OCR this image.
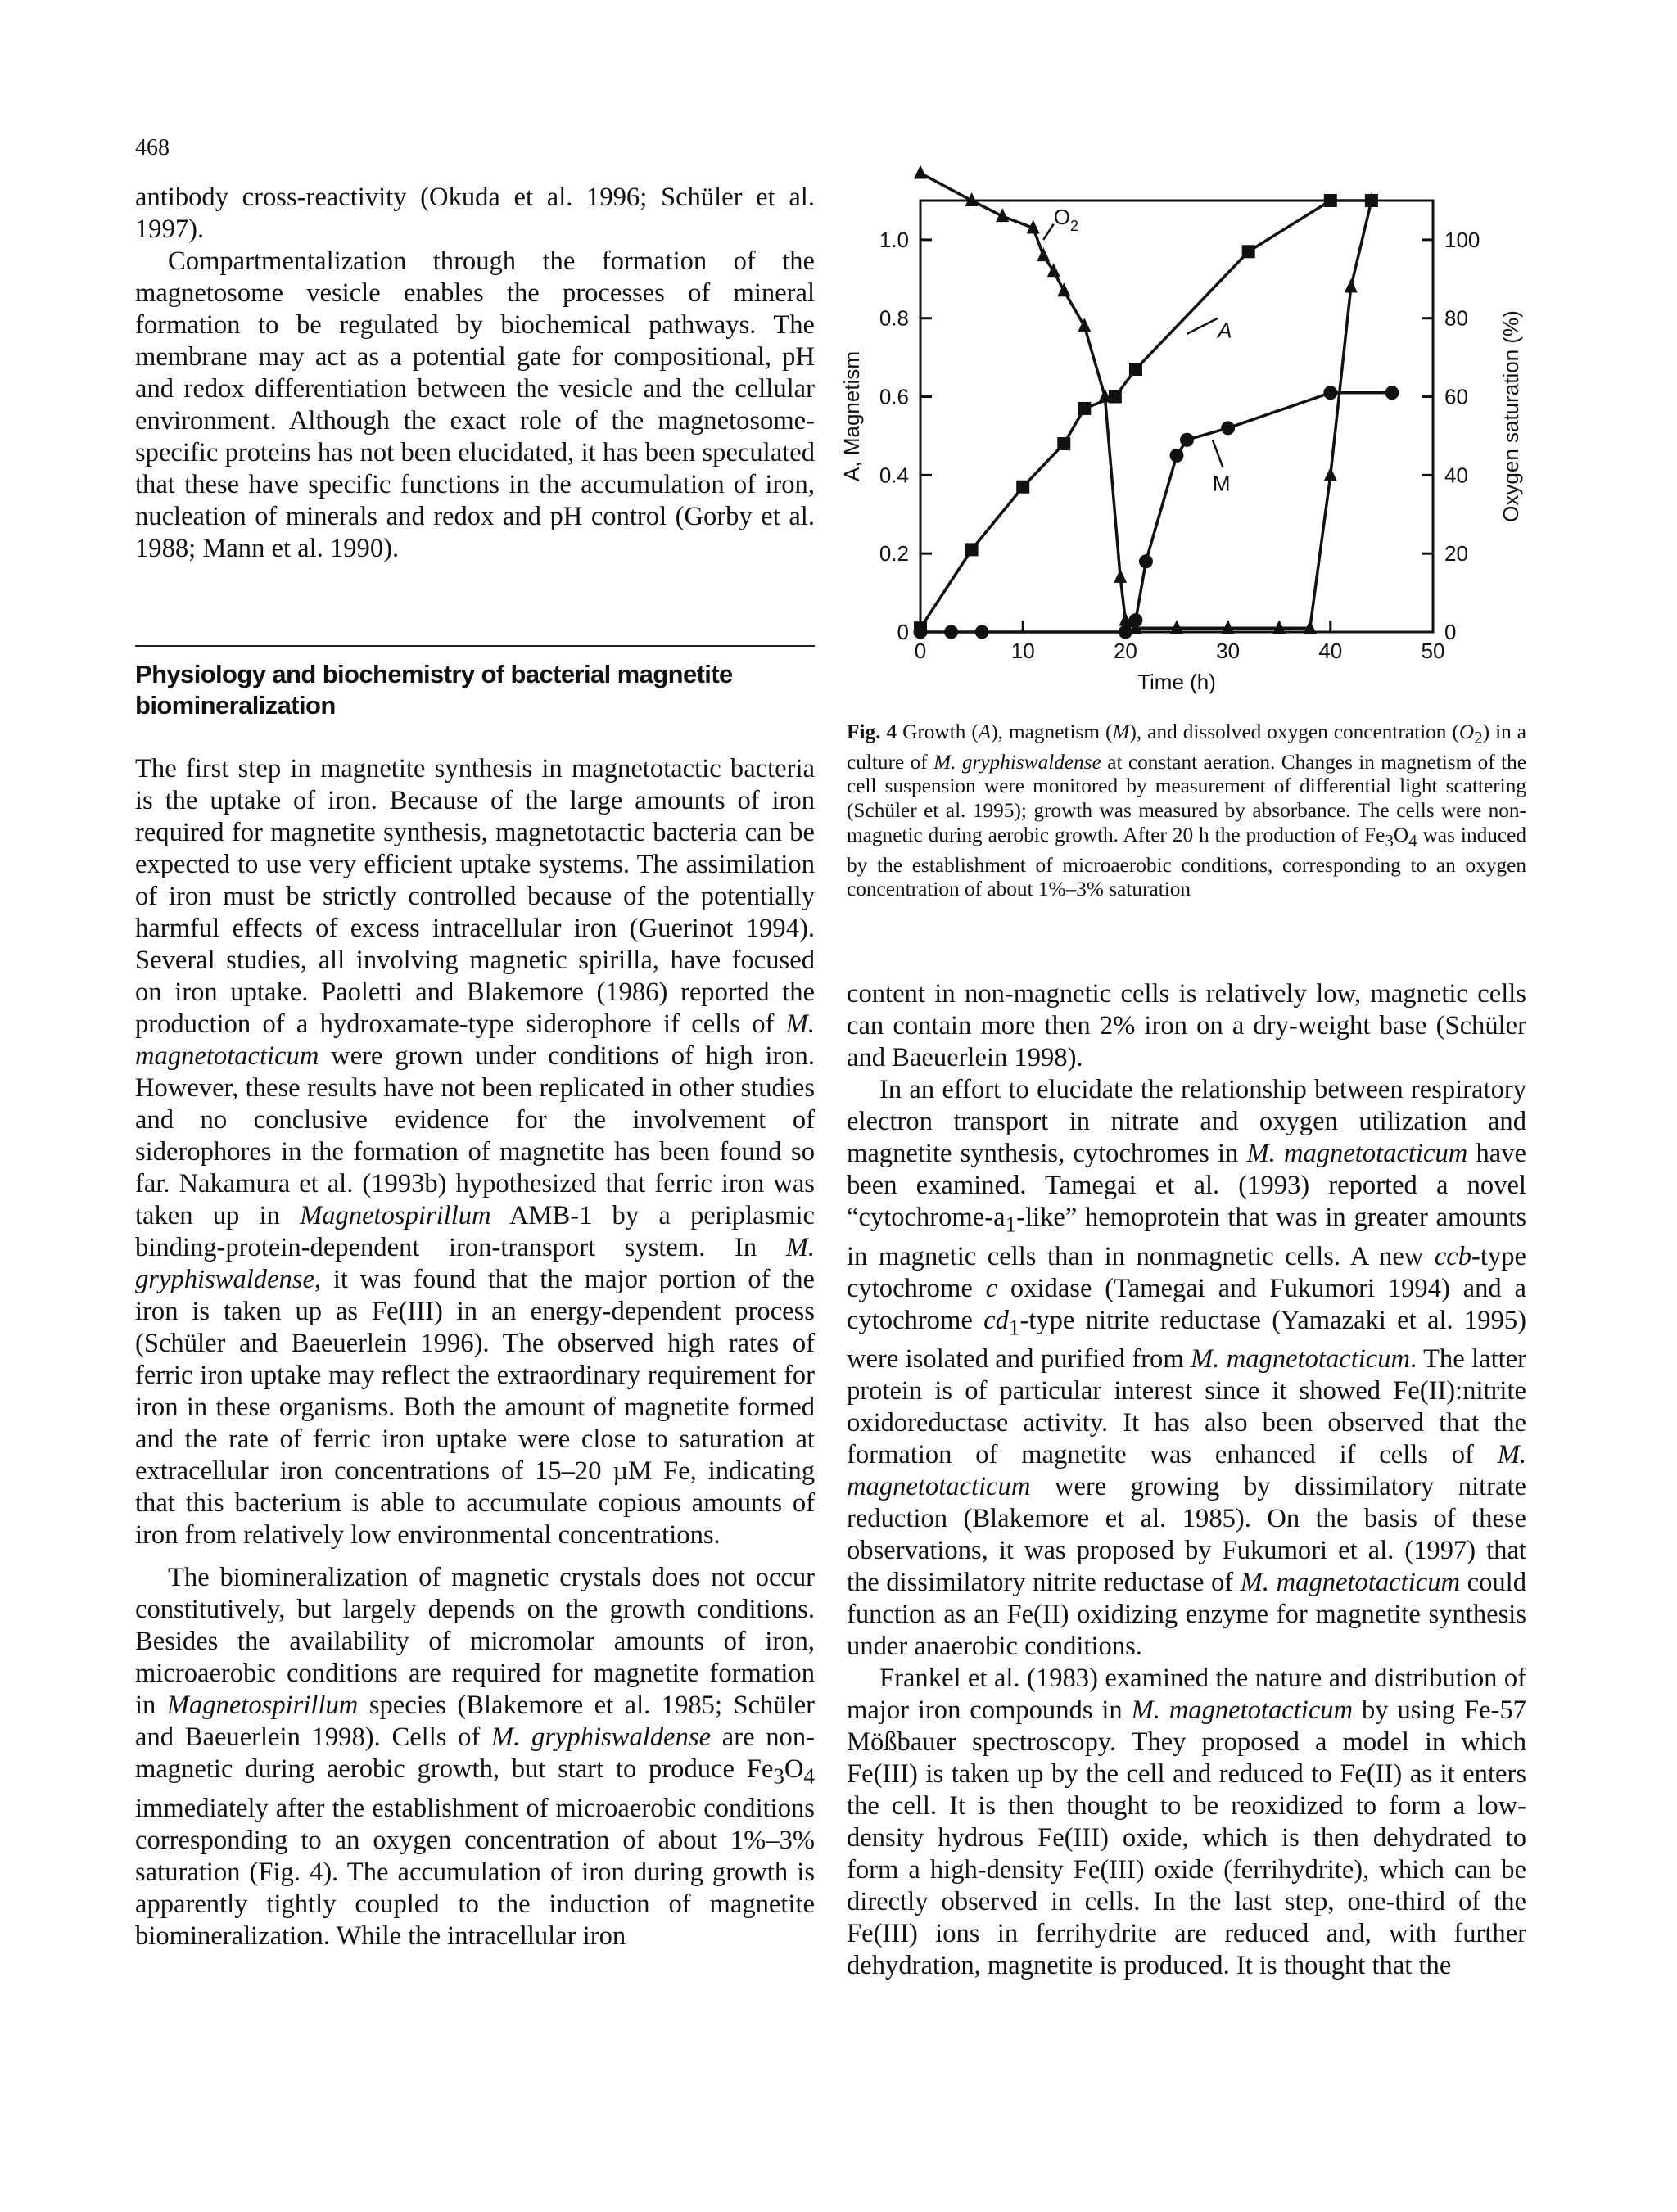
468

antibody cross-reactivity (Okuda et al. 1996; Schüler et al. 1997).

Compartmentalization through the formation of the magnetosome vesicle enables the processes of mineral formation to be regulated by biochemical pathways. The membrane may act as a potential gate for compositional, pH and redox differentiation between the vesicle and the cellular environment. Although the exact role of the magnetosome-specific proteins has not been elucidated, it has been speculated that these have specific functions in the accumulation of iron, nucleation of minerals and redox and pH control (Gorby et al. 1988; Mann et al. 1990).

Physiology and biochemistry of bacterial magnetite biomineralization

The first step in magnetite synthesis in magnetotactic bacteria is the uptake of iron. Because of the large amounts of iron required for magnetite synthesis, magnetotactic bacteria can be expected to use very efficient uptake systems. The assimilation of iron must be strictly controlled because of the potentially harmful effects of excess intracellular iron (Guerinot 1994). Several studies, all involving magnetic spirilla, have focused on iron uptake. Paoletti and Blakemore (1986) reported the production of a hydroxamate-type siderophore if cells of M. magnetotacticum were grown under conditions of high iron. However, these results have not been replicated in other studies and no conclusive evidence for the involvement of siderophores in the formation of magnetite has been found so far. Nakamura et al. (1993b) hypothesized that ferric iron was taken up in Magnetospirillum AMB-1 by a periplasmic binding-protein-dependent iron-transport system. In M. gryphiswaldense, it was found that the major portion of the iron is taken up as Fe(III) in an energy-dependent process (Schüler and Baeuerlein 1996). The observed high rates of ferric iron uptake may reflect the extraordinary requirement for iron in these organisms. Both the amount of magnetite formed and the rate of ferric iron uptake were close to saturation at extracellular iron concentrations of 15–20 µM Fe, indicating that this bacterium is able to accumulate copious amounts of iron from relatively low environmental concentrations.

The biomineralization of magnetic crystals does not occur constitutively, but largely depends on the growth conditions. Besides the availability of micromolar amounts of iron, microaerobic conditions are required for magnetite formation in Magnetospirillum species (Blakemore et al. 1985; Schüler and Baeuerlein 1998). Cells of M. gryphiswaldense are non-magnetic during aerobic growth, but start to produce $Fe_3O_4$ immediately after the establishment of microaerobic conditions corresponding to an oxygen concentration of about 1%–3% saturation (Fig. 4). The accumulation of iron during growth is apparently tightly coupled to the induction of magnetite biomineralization. While the intracellular iron

0	10	20	30	40	50
0
0.2
0.4
0.6
0.8
1.0
0
20
40
60
80
100
Time (h)
A, Magnetism	Oxygen saturation (%)
$O_2$
A
M
Fig. 4 Growth (A), magnetism (M), and dissolved oxygen concentration $(O_2)$ in a culture of M. gryphiswaldense at constant aeration. Changes in magnetism of the cell suspension were monitored by measurement of differential light scattering (Schüler et al. 1995); growth was measured by absorbance. The cells were non-magnetic during aerobic growth. After 20 h the production of $Fe_3O_4$ was induced by the establishment of microaerobic conditions, corresponding to an oxygen concentration of about 1%–3% saturation

content in non-magnetic cells is relatively low, magnetic cells can contain more then 2% iron on a dry-weight base (Schüler and Baeuerlein 1998).

In an effort to elucidate the relationship between respiratory electron transport in nitrate and oxygen utilization and magnetite synthesis, cytochromes in M. magnetotacticum have been examined. Tamegai et al. (1993) reported a novel “$cytochrome-a_1$-like” hemoprotein that was in greater amounts in magnetic cells than in nonmagnetic cells. A new ccb-type cytochrome c oxidase (Tamegai and Fukumori 1994) and a cytochrome $cd_1$-type nitrite reductase (Yamazaki et al. 1995) were isolated and purified from M. magnetotacticum. The latter protein is of particular interest since it showed Fe(II):nitrite oxidoreductase activity. It has also been observed that the formation of magnetite was enhanced if cells of M. magnetotacticum were growing by dissimilatory nitrate reduction (Blakemore et al. 1985). On the basis of these observations, it was proposed by Fukumori et al. (1997) that the dissimilatory nitrite reductase of M. magnetotacticum could function as an Fe(II) oxidizing enzyme for magnetite synthesis under anaerobic conditions.

Frankel et al. (1983) examined the nature and distribution of major iron compounds in M. magnetotacticum by using Fe-57 Mößbauer spectroscopy. They proposed a model in which Fe(III) is taken up by the cell and reduced to Fe(II) as it enters the cell. It is then thought to be reoxidized to form a low-density hydrous Fe(III) oxide, which is then dehydrated to form a high-density Fe(III) oxide (ferrihydrite), which can be directly observed in cells. In the last step, one-third of the Fe(III) ions in ferrihydrite are reduced and, with further dehydration, magnetite is produced. It is thought that the
